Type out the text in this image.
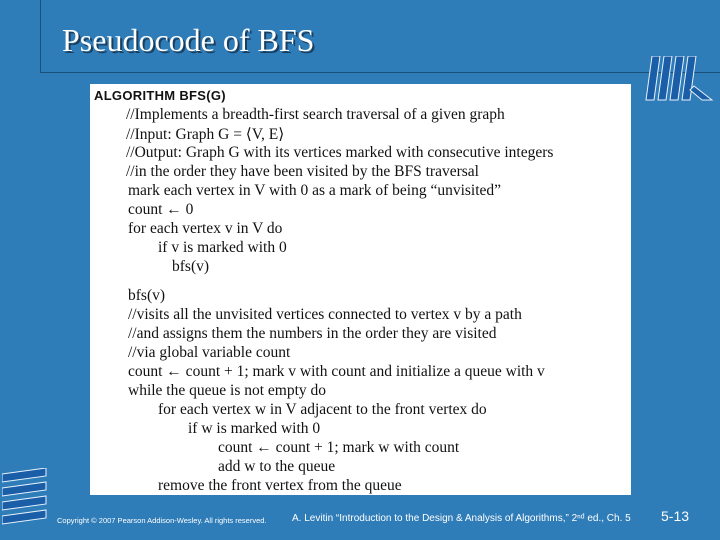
Pseudocode of BFS
ALGORITHM BFS(G)
//Implements a breadth-first search traversal of a given graph
//Input: Graph G = ⟨V, E⟩
//Output: Graph G with its vertices marked with consecutive integers
//in the order they have been visited by the BFS traversal
mark each vertex in V with 0 as a mark of being “unvisited”
count ← 0
for each vertex v in V do
if v is marked with 0
bfs(v)
bfs(v)
//visits all the unvisited vertices connected to vertex v by a path
//and assigns them the numbers in the order they are visited
//via global variable count
count ← count + 1; mark v with count and initialize a queue with v
while the queue is not empty do
for each vertex w in V adjacent to the front vertex do
if w is marked with 0
count ← count + 1; mark w with count
add w to the queue
remove the front vertex from the queue
Copyright © 2007 Pearson Addison-Wesley. All rights reserved.	A. Levitin “Introduction to the Design & Analysis of Algorithms,” 2ⁿᵈ ed., Ch. 5 5-13
